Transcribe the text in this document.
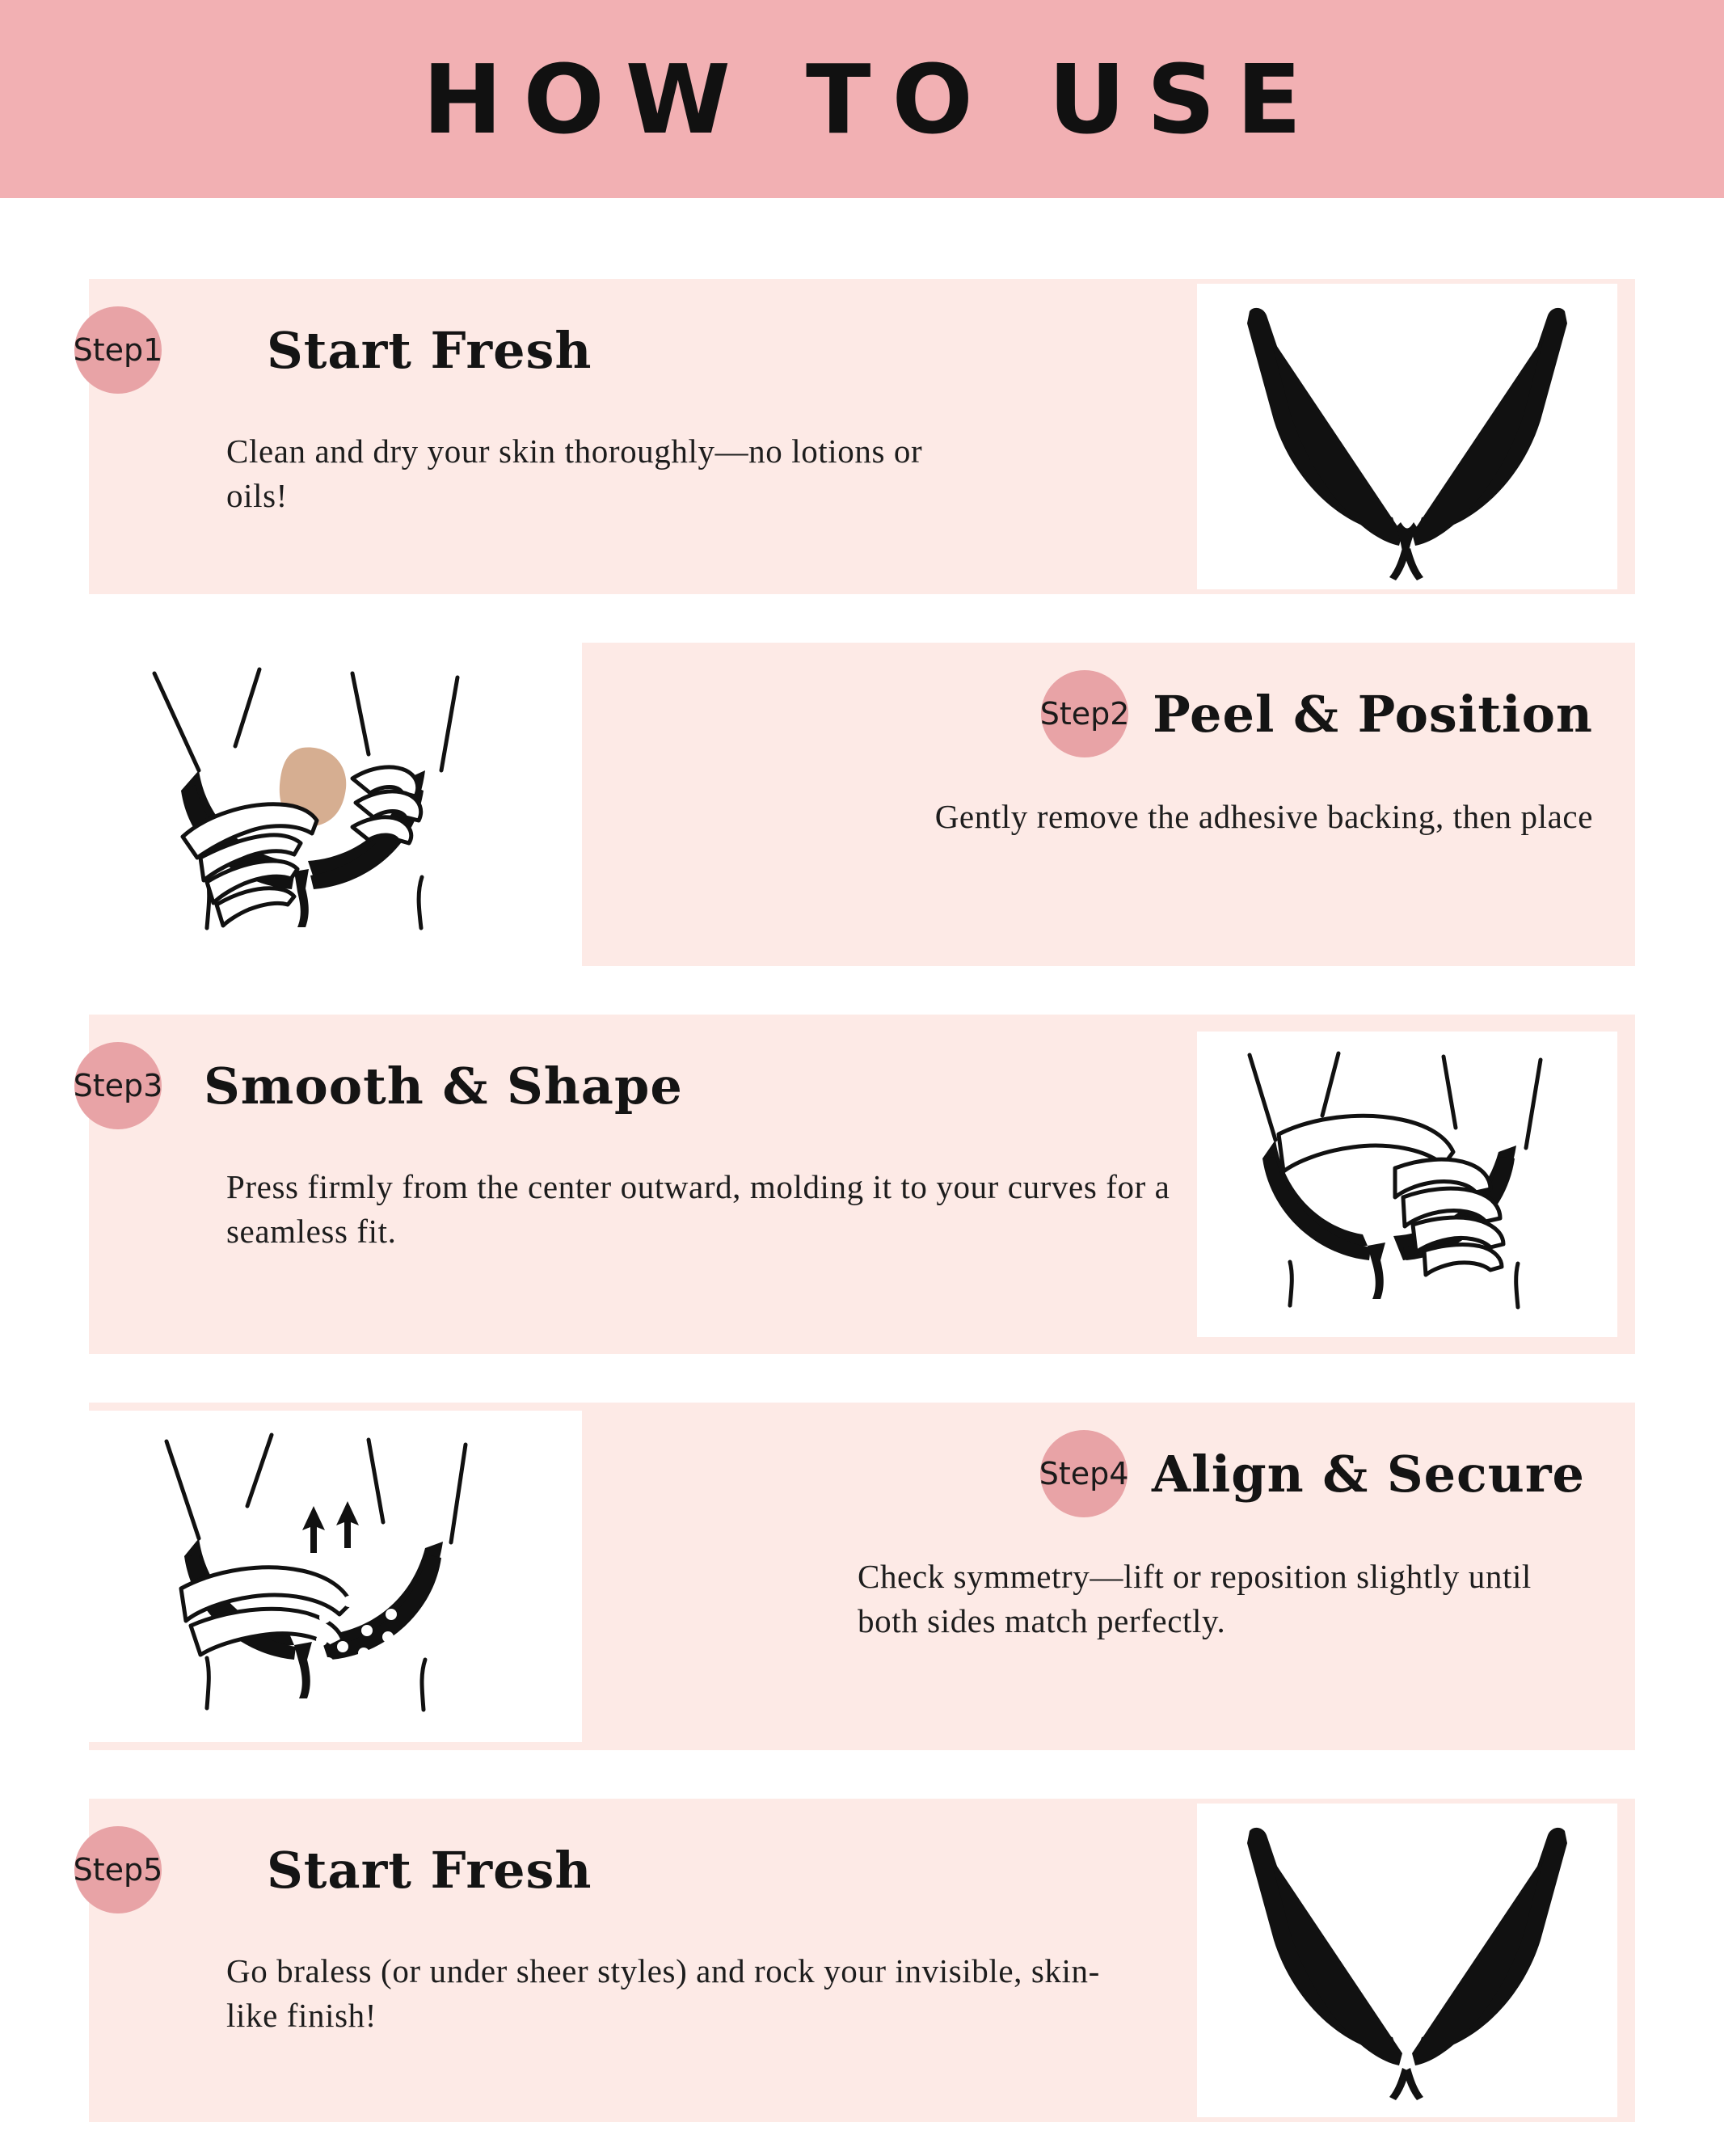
HOW TO USE
Step1 Start Fresh
Clean and dry your skin thoroughly—no lotions or oils!
Step2 Peel & Position
Gently remove the adhesive backing, then place
Step3 Smooth & Shape
Press firmly from the center outward, molding it to your curves for a seamless fit.
Step4 Align & Secure
Check symmetry—lift or reposition slightly until both sides match perfectly.
Step5 Start Fresh
Go braless (or under sheer styles) and rock your invisible, skin-like finish!
